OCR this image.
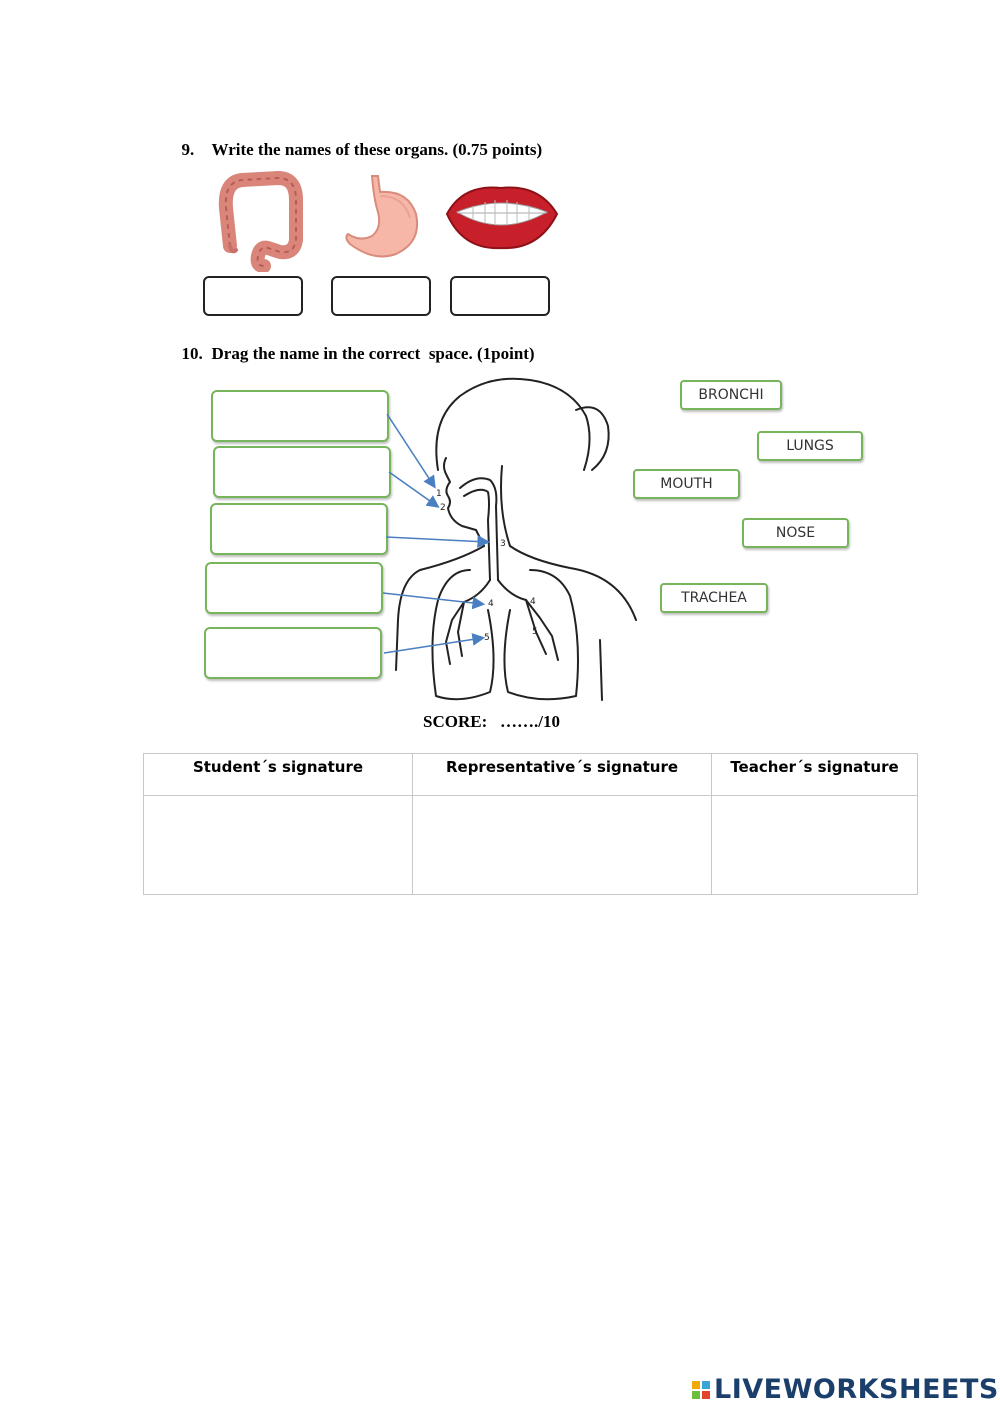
9. Write the names of these organs. (0.75 points)

10. Drag the name in the correct  space. (1point)

1
2
3
4	4
5
5
BRONCHI
LUNGS
MOUTH
NOSE
TRACHEA
SCORE: ……./10
Student´s signature	Representative´s signature	Teacher´s signature

LIVEWORKSHEETS
